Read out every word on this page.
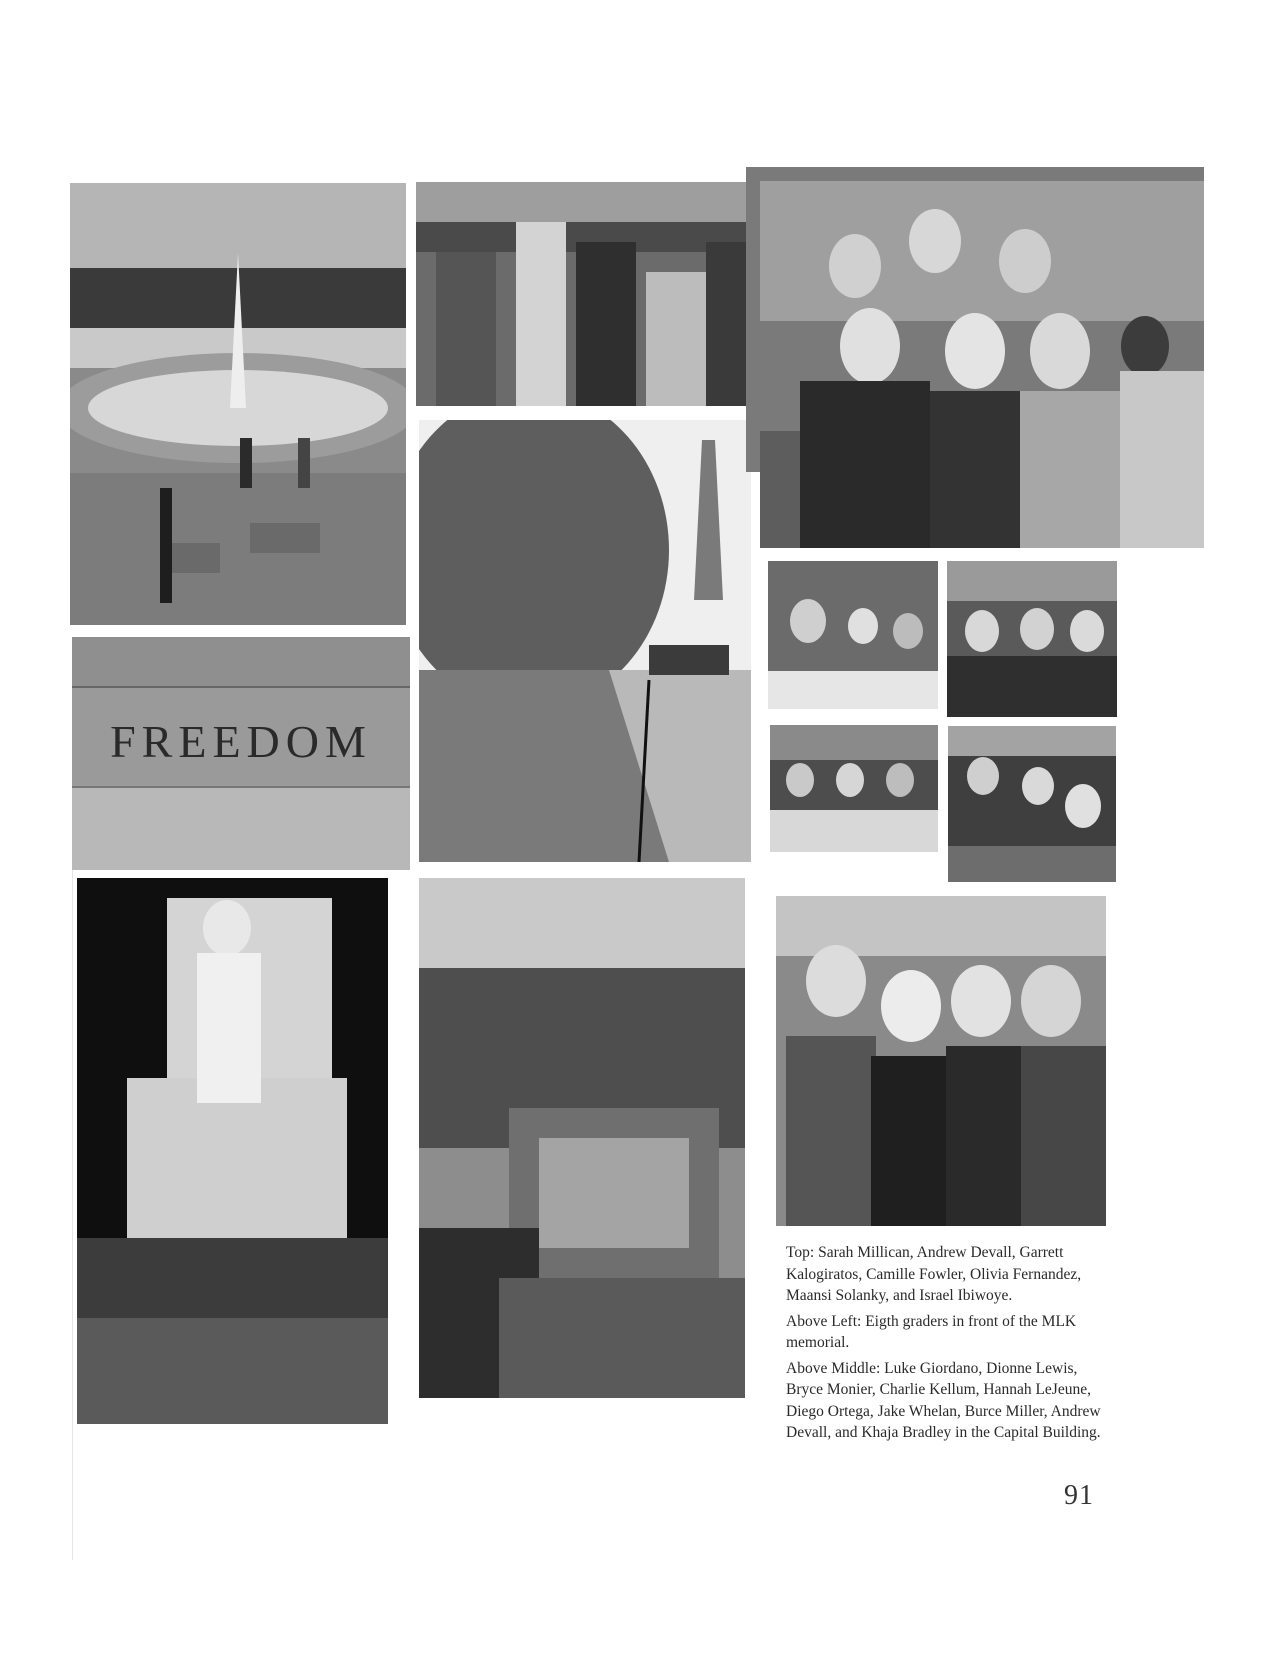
FREEDOM

Top: Sarah Millican, Andrew Devall, Garrett Kalogiratos, Camille Fowler, Olivia Fernandez, Maansi Solanky, and Israel Ibiwoye.

Above Left: Eigth graders in front of the MLK memorial.

Above Middle: Luke Giordano, Dionne Lewis, Bryce Monier, Charlie Kellum, Hannah LeJeune, Diego Ortega, Jake Whelan, Burce Miller, Andrew Devall, and Khaja Bradley in the Capital Building.

91
